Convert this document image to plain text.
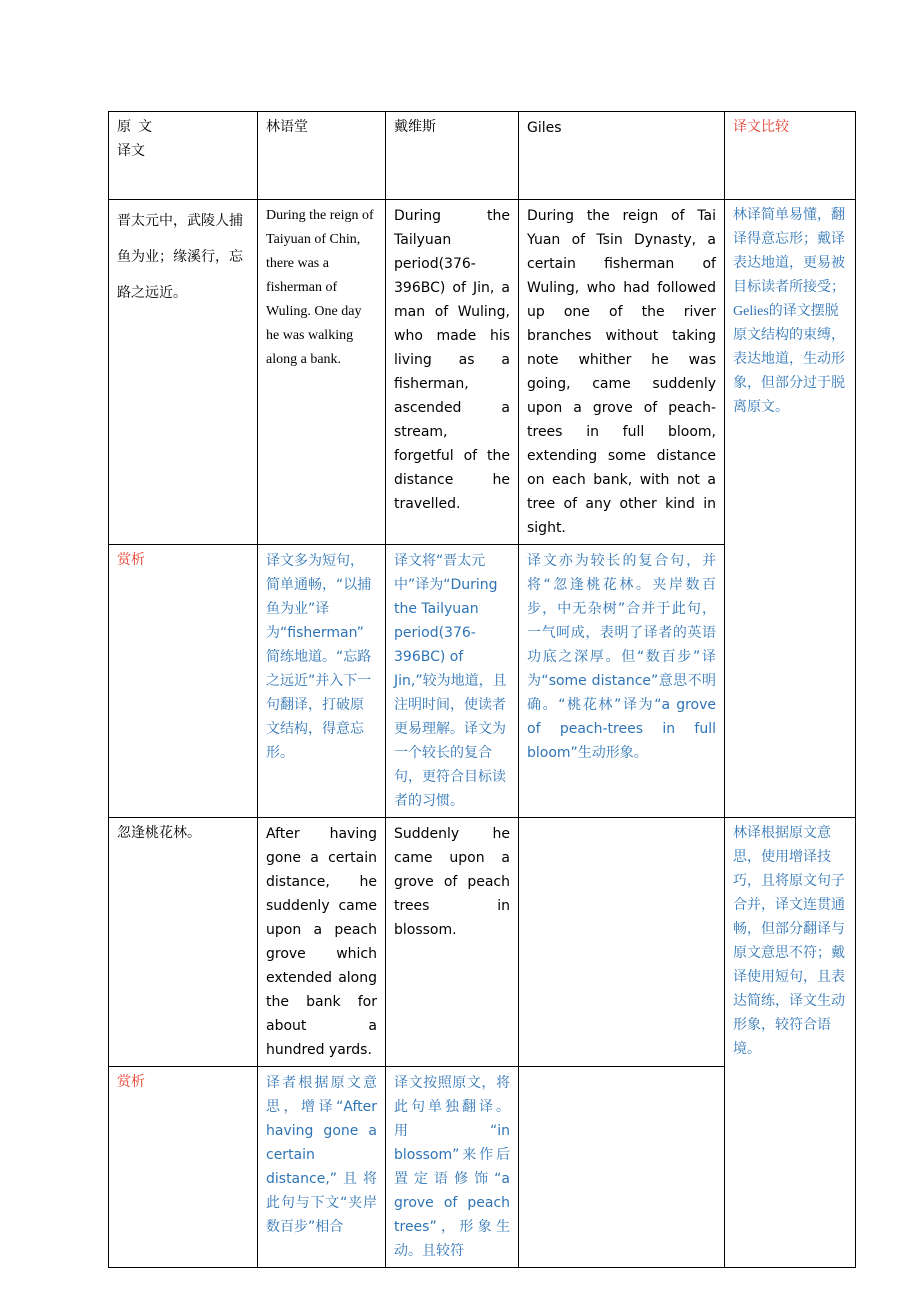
原  文
译文	林语堂	戴维斯	Giles	译文比较
晋太元中，武陵人捕鱼为业；缘溪行，忘路之远近。	During the reign of Taiyuan of Chin, there was a fisherman of Wuling. One day he was walking along a bank.	During the Tailyuan period(376-396BC) of Jin, a man of Wuling, who made his living as a fisherman, ascended a stream, forgetful of the distance he travelled.	During the reign of Tai Yuan of Tsin Dynasty, a certain fisherman of Wuling, who had followed up one of the river branches without taking note whither he was going, came suddenly upon a grove of peach-trees in full bloom, extending some distance on each bank, with not a tree of any other kind in sight.	林译简单易懂，翻译得意忘形；戴译表达地道，更易被目标读者所接受；Gelies的译文摆脱原文结构的束缚，表达地道，生动形象，但部分过于脱离原文。
赏析	译文多为短句，简单通畅，“以捕鱼为业”译为“fisherman”简练地道。“忘路之远近”并入下一句翻译，打破原文结构，得意忘形。	译文将“晋太元中”译为“During the Tailyuan period(376-396BC) of Jin,”较为地道，且注明时间，使读者更易理解。译文为一个较长的复合句，更符合目标读者的习惯。	译文亦为较长的复合句，并将“忽逢桃花林。夹岸数百步，中无杂树”合并于此句，一气呵成，表明了译者的英语功底之深厚。但“数百步”译为“some distance”意思不明确。“桃花林”译为“a grove of peach-trees in full bloom”生动形象。	
忽逢桃花林。	After having gone a certain distance, he suddenly came upon a peach grove which extended along the bank for about a hundred yards.	Suddenly he came upon a grove of peach trees in blossom.		林译根据原文意思，使用增译技巧，且将原文句子合并，译文连贯通畅，但部分翻译与原文意思不符；戴译使用短句，且表达简练，译文生动形象，较符合语境。
赏析	译者根据原文意思，增译“After having gone a certain distance,”且将此句与下文“夹岸数百步”相合	译文按照原文，将此句单独翻译。用“in blossom”来作后置定语修饰“a grove of peach trees”，形象生动。且较符		
